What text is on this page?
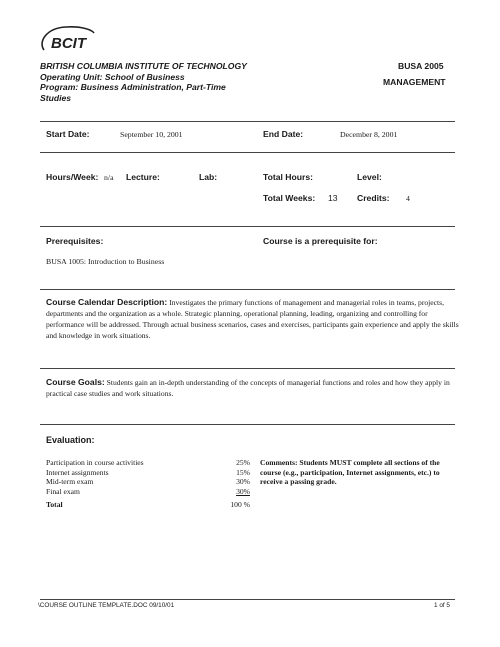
BCIT
BRITISH COLUMBIA INSTITUTE OF TECHNOLOGY
Operating Unit: School of Business
Program: Business Administration, Part-Time Studies
BUSA 2005
MANAGEMENT
Start Date:	September 10, 2001	End Date:	December 8, 2001
Hours/Week: n/a Lecture:	Lab:	Total Hours:	Level:
Total Weeks: 13 Credits: 4
Prerequisites:	Course is a prerequisite for:
BUSA 1005: Introduction to Business
Course Calendar Description: Investigates the primary functions of management and managerial roles in teams, projects, departments and the organization as a whole. Strategic planning, operational planning, leading, organizing and controlling for performance will be addressed. Through actual business scenarios, cases and exercises, participants gain experience and apply the skills and knowledge in work situations.
Course Goals: Students gain an in-depth understanding of the concepts of managerial functions and roles and how they apply in practical case studies and work situations.
Evaluation:
Participation in course activities	25%
Internet assignments	15%
Mid-term exam	30%
Final exam	30%
Total	100 %
Comments: Students MUST complete all sections of the course (e.g., participation, Internet assignments, etc.) to receive a passing grade.
\COURSE OUTLINE TEMPLATE.DOC 09/10/01	1 of 5
